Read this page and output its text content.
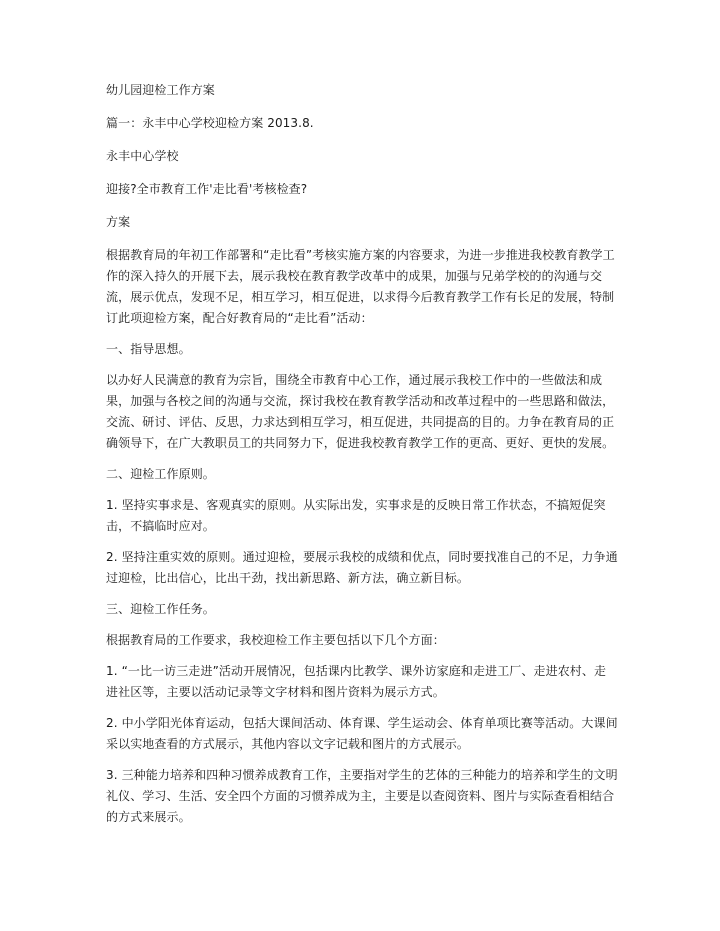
幼儿园迎检工作方案

篇一：永丰中心学校迎检方案 2013.8.

永丰中心学校

迎接?全市教育工作'走比看'考核检查?

方案

根据教育局的年初工作部署和“走比看”考核实施方案的内容要求，为进一步推进我校教育教学工作的深入持久的开展下去，展示我校在教育教学改革中的成果，加强与兄弟学校的的沟通与交流，展示优点，发现不足，相互学习，相互促进，以求得今后教育教学工作有长足的发展，特制订此项迎检方案，配合好教育局的“走比看”活动：

一、指导思想。

以办好人民满意的教育为宗旨，围绕全市教育中心工作，通过展示我校工作中的一些做法和成果，加强与各校之间的沟通与交流，探讨我校在教育教学活动和改革过程中的一些思路和做法，交流、研讨、评估、反思，力求达到相互学习，相互促进，共同提高的目的。力争在教育局的正确领导下，在广大教职员工的共同努力下，促进我校教育教学工作的更高、更好、更快的发展。

二、迎检工作原则。

1. 坚持实事求是、客观真实的原则。从实际出发，实事求是的反映日常工作状态，不搞短促突击，不搞临时应对。

2. 坚持注重实效的原则。通过迎检，要展示我校的成绩和优点，同时要找准自己的不足，力争通过迎检，比出信心，比出干劲，找出新思路、新方法，确立新目标。

三、迎检工作任务。

根据教育局的工作要求，我校迎检工作主要包括以下几个方面：

1. “一比一访三走进”活动开展情况，包括课内比教学、课外访家庭和走进工厂、走进农村、走进社区等，主要以活动记录等文字材料和图片资料为展示方式。

2. 中小学阳光体育运动，包括大课间活动、体育课、学生运动会、体育单项比赛等活动。大课间采以实地查看的方式展示，其他内容以文字记载和图片的方式展示。

3. 三种能力培养和四种习惯养成教育工作，主要指对学生的艺体的三种能力的培养和学生的文明礼仪、学习、生活、安全四个方面的习惯养成为主，主要是以查阅资料、图片与实际查看相结合的方式来展示。
